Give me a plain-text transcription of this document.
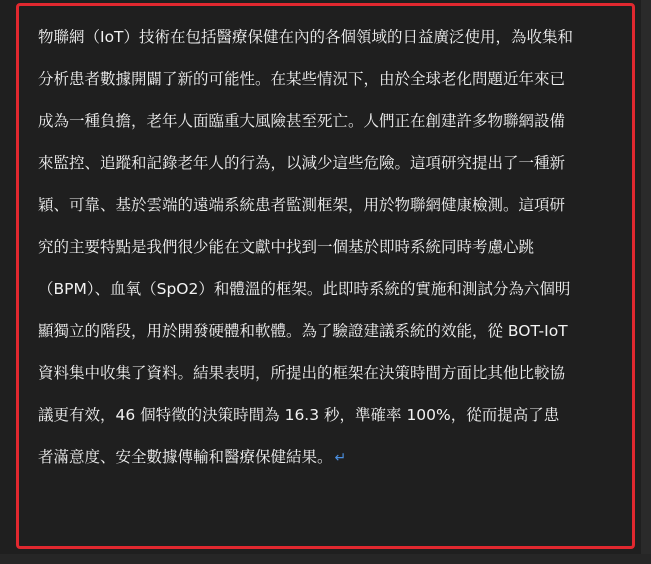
物聯網（IoT）技術在包括醫療保健在內的各個領域的日益廣泛使用，為收集和
分析患者數據開闢了新的可能性。在某些情況下，由於全球老化問題近年來已
成為一種負擔，老年人面臨重大風險甚至死亡。人們正在創建許多物聯網設備
來監控、追蹤和記錄老年人的行為，以減少這些危險。這項研究提出了一種新
穎、可靠、基於雲端的遠端系統患者監測框架，用於物聯網健康檢測。這項研
究的主要特點是我們很少能在文獻中找到一個基於即時系統同時考慮心跳
（BPM）、血氧（SpO2）和體溫的框架。此即時系統的實施和測試分為六個明
顯獨立的階段，用於開發硬體和軟體。為了驗證建議系統的效能，從 BOT-IoT
資料集中收集了資料。結果表明，所提出的框架在決策時間方面比其他比較協
議更有效，46 個特徵的決策時間為 16.3 秒，準確率 100%，從而提高了患
者滿意度、安全數據傳輸和醫療保健結果。 ↵
